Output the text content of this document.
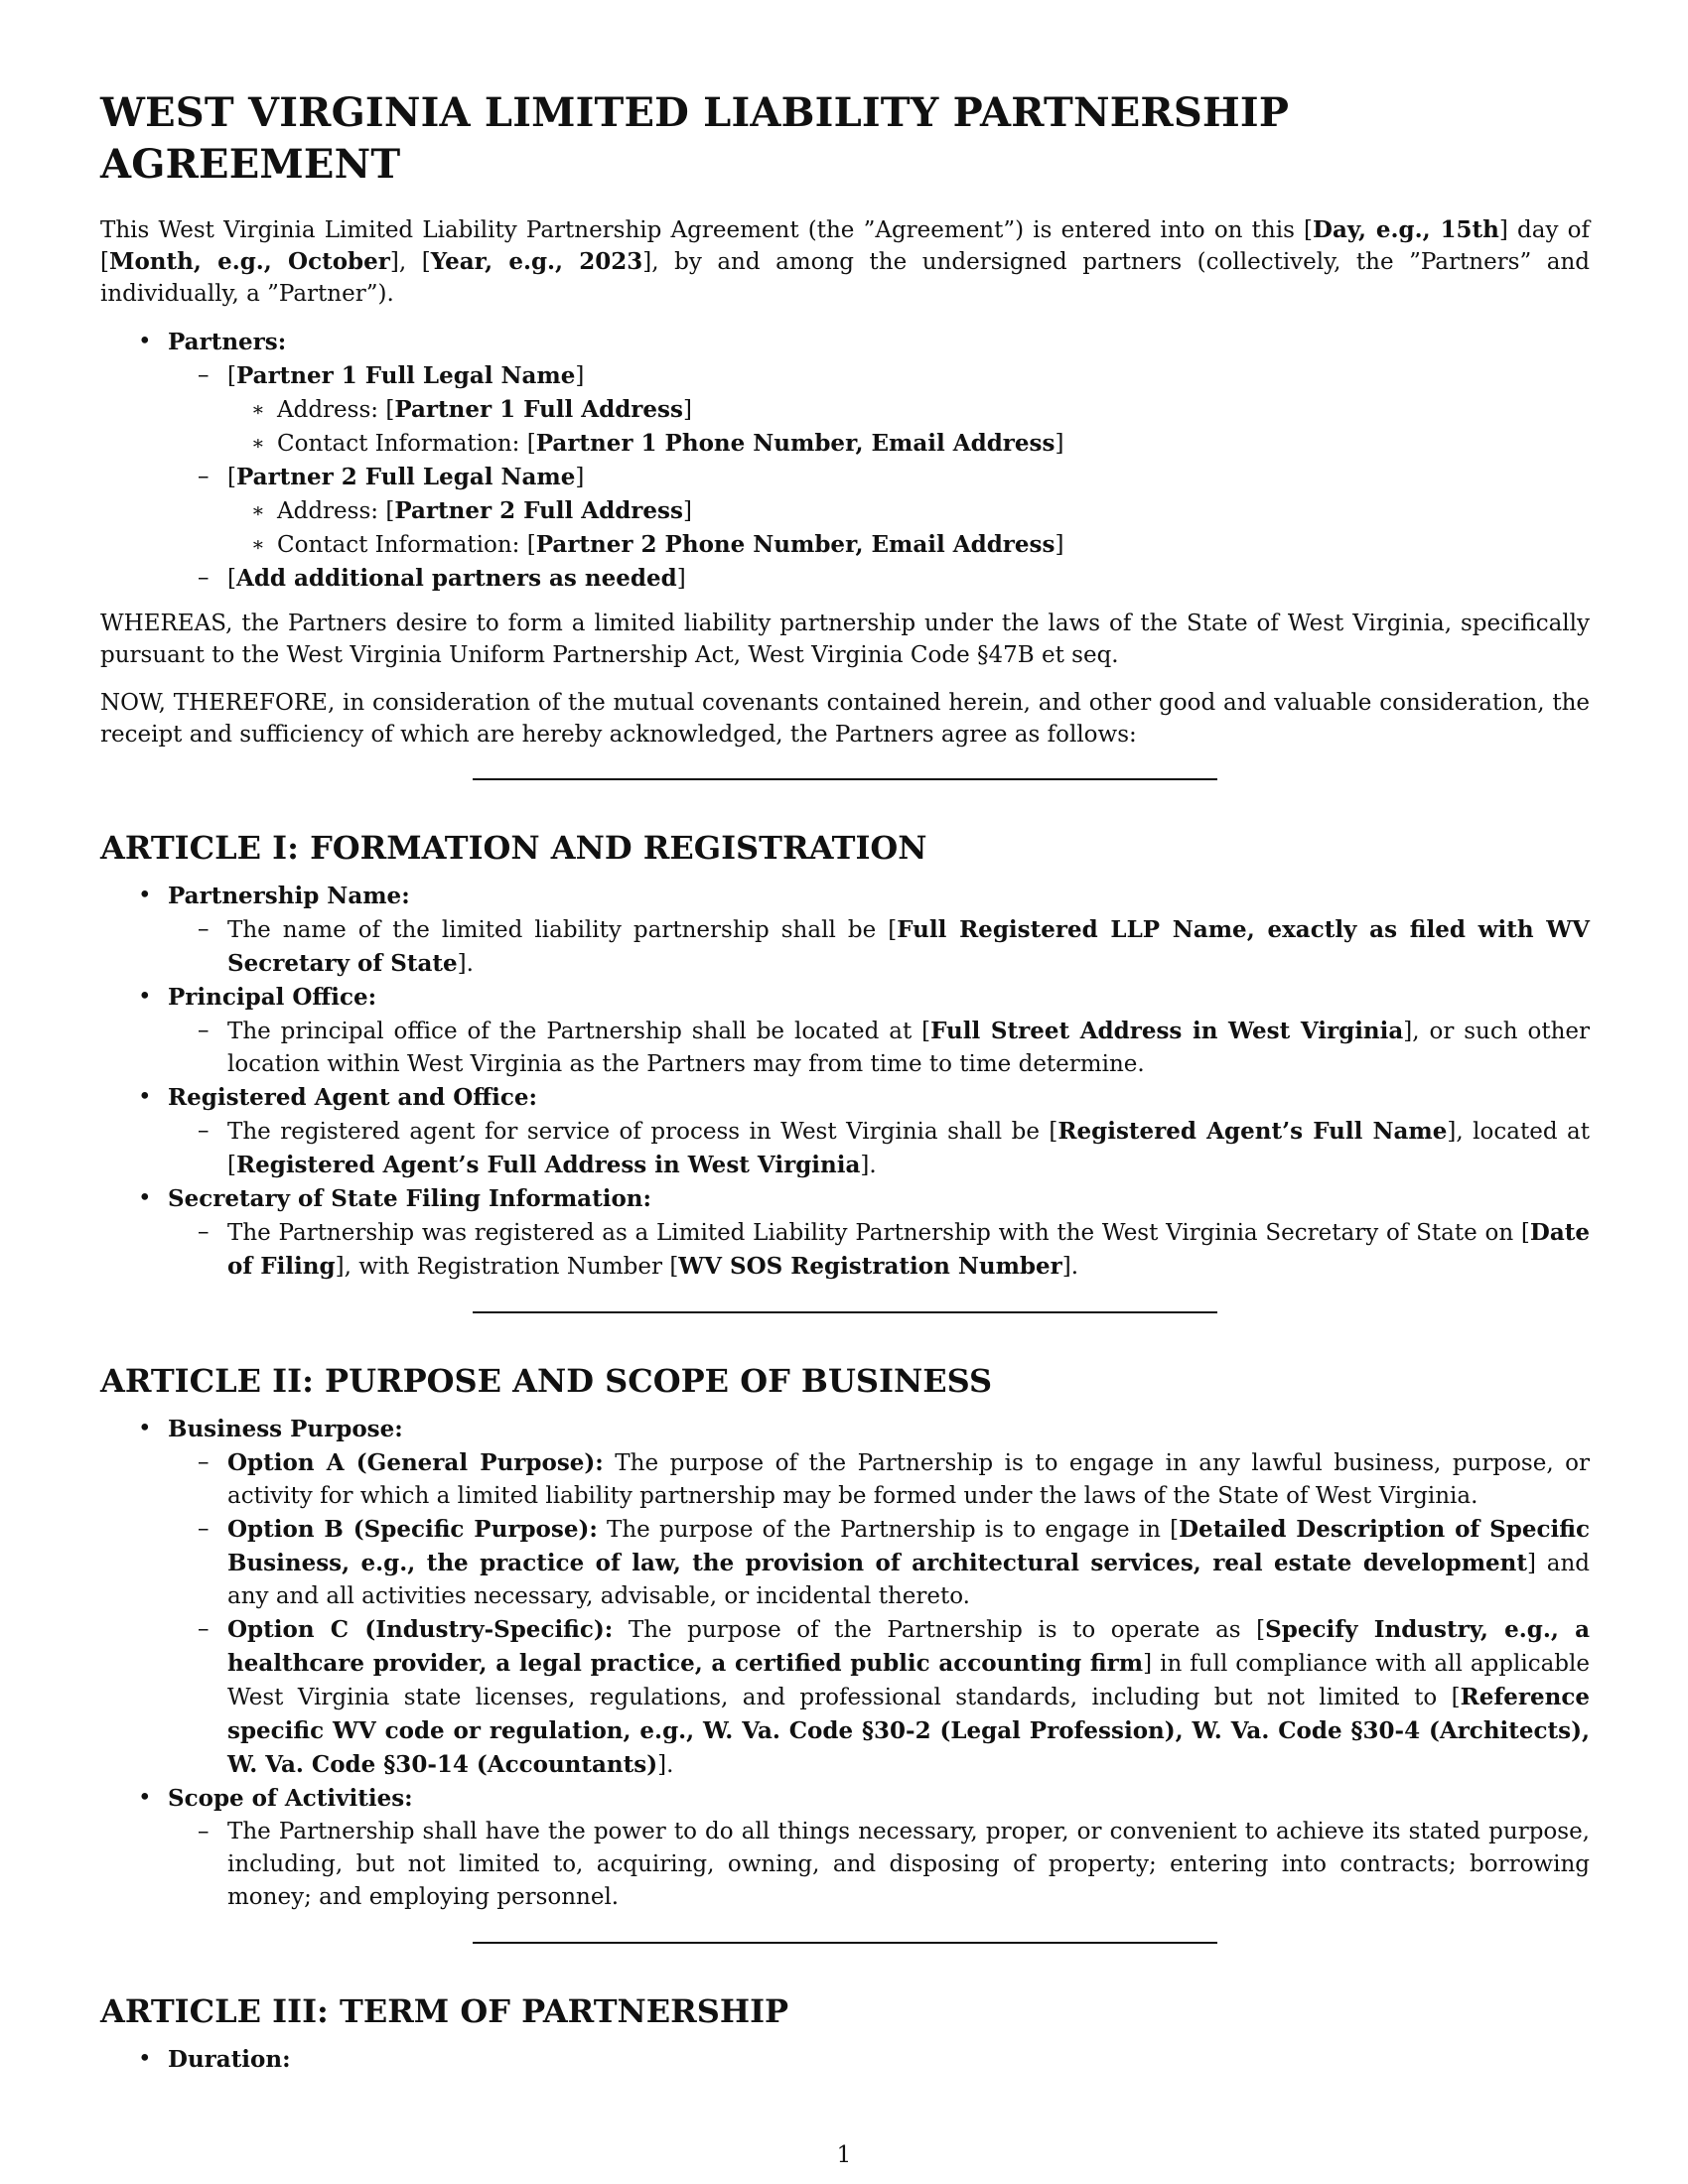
WEST VIRGINIA LIMITED LIABILITY PARTNERSHIP AGREEMENT

This West Virginia Limited Liability Partnership Agreement (the ”Agreement”) is entered into on this [Day, e.g., 15th] day of [Month, e.g., October], [Year, e.g., 2023], by and among the undersigned partners (collectively, the ”Partners” and individually, a ”Partner”).

• Partners:
– [Partner 1 Full Legal Name]
∗ Address: [Partner 1 Full Address]
∗ Contact Information: [Partner 1 Phone Number, Email Address]
– [Partner 2 Full Legal Name]
∗ Address: [Partner 2 Full Address]
∗ Contact Information: [Partner 2 Phone Number, Email Address]
– [Add additional partners as needed]

WHEREAS, the Partners desire to form a limited liability partnership under the laws of the State of West Virginia, specifically pursuant to the West Virginia Uniform Partnership Act, West Virginia Code §47B et seq.

NOW, THEREFORE, in consideration of the mutual covenants contained herein, and other good and valuable consideration, the receipt and sufficiency of which are hereby acknowledged, the Partners agree as follows:

ARTICLE I: FORMATION AND REGISTRATION
• Partnership Name:
– The name of the limited liability partnership shall be [Full Registered LLP Name, exactly as filed with WV Secretary of State].
• Principal Office:
– The principal office of the Partnership shall be located at [Full Street Address in West Virginia], or such other location within West Virginia as the Partners may from time to time determine.
• Registered Agent and Office:
– The registered agent for service of process in West Virginia shall be [Registered Agent’s Full Name], located at [Registered Agent’s Full Address in West Virginia].
• Secretary of State Filing Information:
– The Partnership was registered as a Limited Liability Partnership with the West Virginia Secretary of State on [Date of Filing], with Registration Number [WV SOS Registration Number].
ARTICLE II: PURPOSE AND SCOPE OF BUSINESS
• Business Purpose:
– Option A (General Purpose): The purpose of the Partnership is to engage in any lawful business, purpose, or activity for which a limited liability partnership may be formed under the laws of the State of West Virginia.
– Option B (Specific Purpose): The purpose of the Partnership is to engage in [Detailed Description of Specific Business, e.g., the practice of law, the provision of architectural services, real estate development] and any and all activities necessary, advisable, or incidental thereto.
– Option C (Industry-Specific): The purpose of the Partnership is to operate as [Specify Industry, e.g., a healthcare provider, a legal practice, a certified public accounting firm] in full compliance with all applicable West Virginia state licenses, regulations, and professional standards, including but not limited to [Reference specific WV code or regulation, e.g., W. Va. Code §30-2 (Legal Profession), W. Va. Code §30-4 (Architects), W. Va. Code §30-14 (Accountants)].
• Scope of Activities:
– The Partnership shall have the power to do all things necessary, proper, or convenient to achieve its stated purpose, including, but not limited to, acquiring, owning, and disposing of property; entering into contracts; borrowing money; and employing personnel.
ARTICLE III: TERM OF PARTNERSHIP
• Duration:
1
